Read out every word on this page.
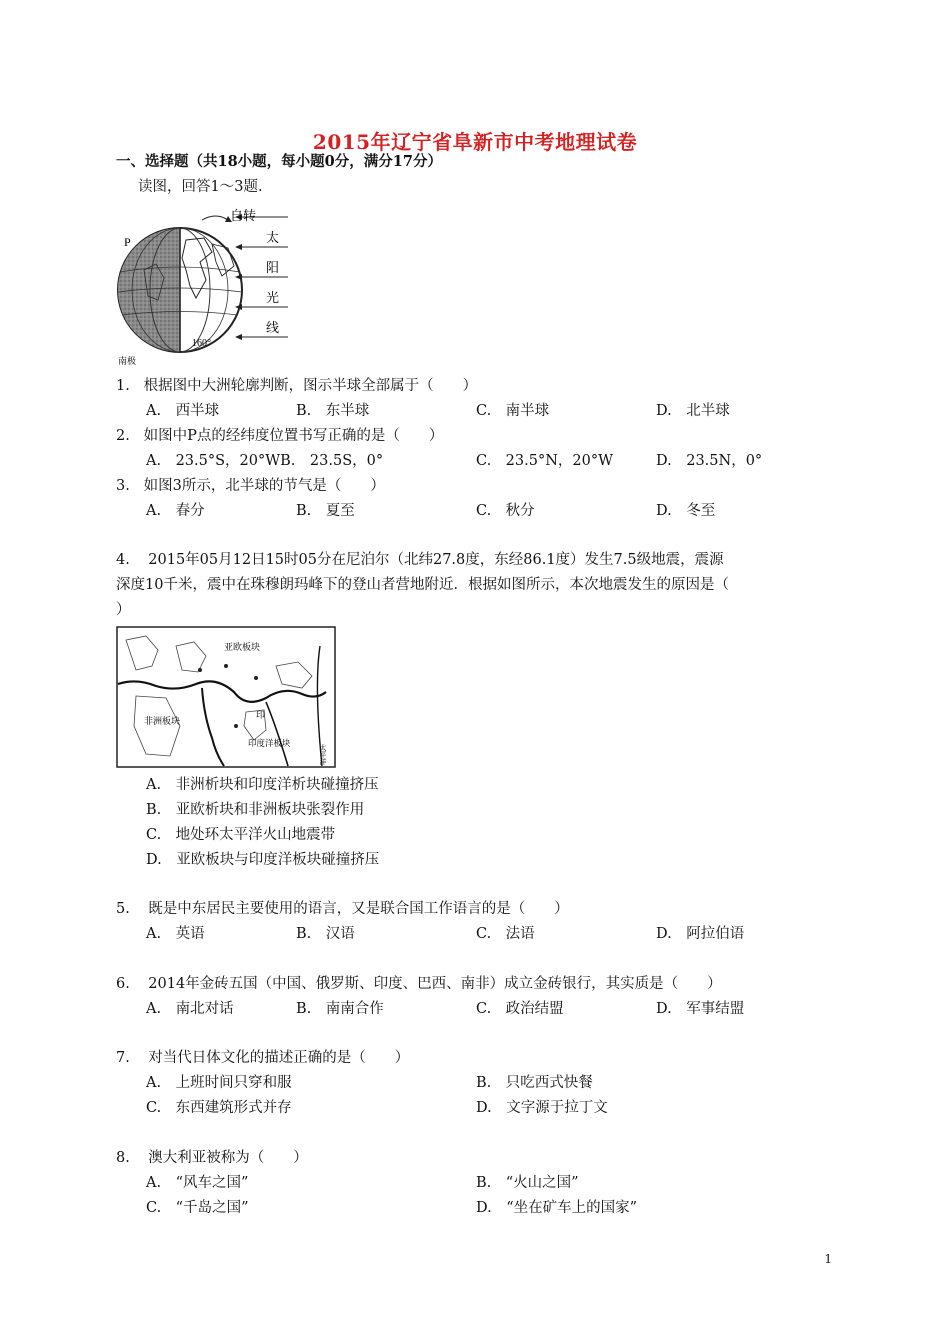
2015年辽宁省阜新市中考地理试卷
一、选择题（共18小题，每小题0分，满分17分）
读图，回答1～3题.
P
自转
太
阳
光
线
160°
南极
1. 根据图中大洲轮廓判断，图示半球全部属于（　　）
A.　西半球	B.　东半球	C.　南半球	D.　北半球
2. 如图中P点的经纬度位置书写正确的是（　　）
A.　23.5°S，20°WB.　23.5S，0°	C.　23.5°N，20°W	D.　23.5N，0°
3. 如图3所示，北半球的节气是（　　）
A.　春分	B.　夏至	C.　秋分	D.　冬至
4. 2015年05月12日15时05分在尼泊尔（北纬27.8度，东经86.1度）发生7.5级地震，震源
深度10千米，震中在珠穆朗玛峰下的登山者营地附近．根据如图所示，本次地震发生的原因是（
）
亚欧板块
非洲板块
印度洋板块
印
太平洋
A.　非洲析块和印度洋析块碰撞挤压
B.　亚欧析块和非洲板块张裂作用
C.　地处环太平洋火山地震带
D.　亚欧板块与印度洋板块碰撞挤压
5. 既是中东居民主要使用的语言，又是联合国工作语言的是（　　）
A.　英语	B.　汉语	C.　法语	D.　阿拉伯语
6. 2014年金砖五国（中国、俄罗斯、印度、巴西、南非）成立金砖银行，其实质是（　　）
A.　南北对话	B.　南南合作	C.　政治结盟	D.　军事结盟
7. 对当代日体文化的描述正确的是（　　）
A.　上班时间只穿和服	B.　只吃西式快餐
C.　东西建筑形式并存	D.　文字源于拉丁文
8. 澳大利亚被称为（　　）
A.　“风车之国”	B.　“火山之国”
C.　“千岛之国”	D.　“坐在矿车上的国家”
1
